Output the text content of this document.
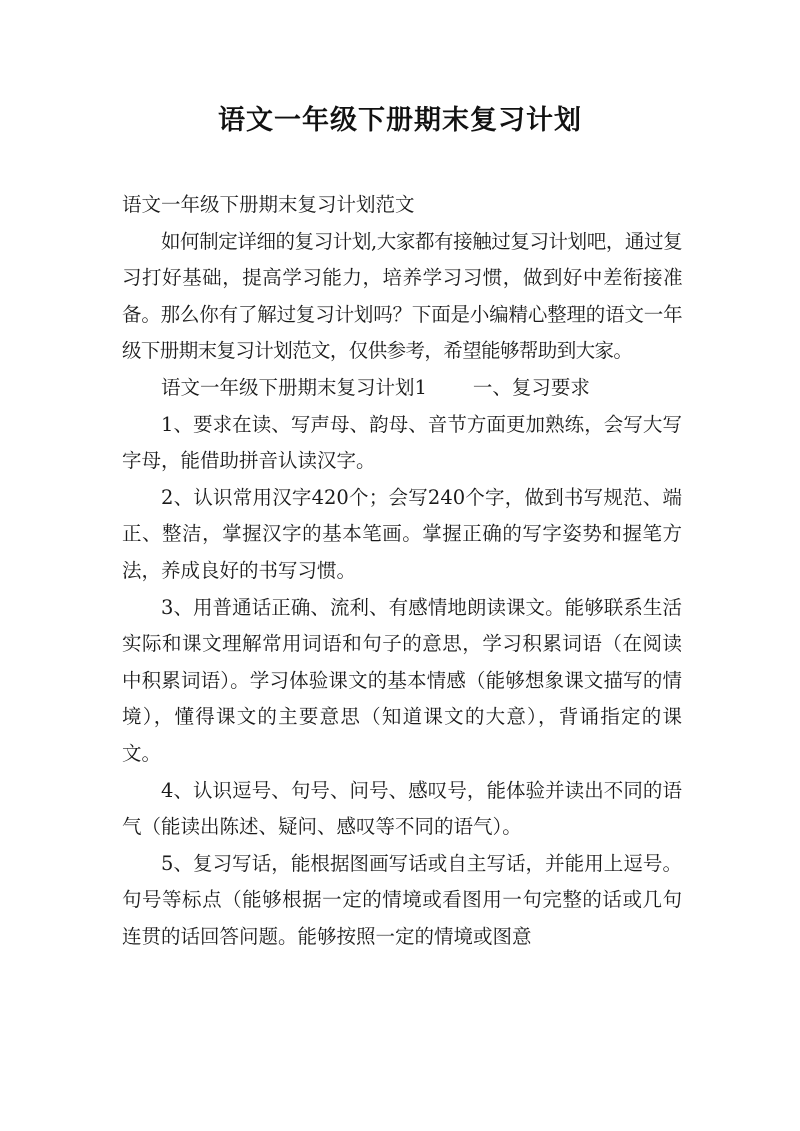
语文一年级下册期末复习计划

语文一年级下册期末复习计划范文

如何制定详细的复习计划,大家都有接触过复习计划吧，通过复习打好基础，提高学习能力，培养学习习惯，做到好中差衔接准备。那么你有了解过复习计划吗？下面是小编精心整理的语文一年级下册期末复习计划范文，仅供参考，希望能够帮助到大家。

语文一年级下册期末复习计划1 一、复习要求

1、要求在读、写声母、韵母、音节方面更加熟练，会写大写字母，能借助拼音认读汉字。

2、认识常用汉字420个；会写240个字，做到书写规范、端正、整洁，掌握汉字的基本笔画。掌握正确的写字姿势和握笔方法，养成良好的书写习惯。

3、用普通话正确、流利、有感情地朗读课文。能够联系生活实际和课文理解常用词语和句子的意思，学习积累词语（在阅读中积累词语）。学习体验课文的基本情感（能够想象课文描写的情境），懂得课文的主要意思（知道课文的大意），背诵指定的课文。

4、认识逗号、句号、问号、感叹号，能体验并读出不同的语气（能读出陈述、疑问、感叹等不同的语气）。

5、复习写话，能根据图画写话或自主写话，并能用上逗号。句号等标点（能够根据一定的情境或看图用一句完整的话或几句连贯的话回答问题。能够按照一定的情境或图意
